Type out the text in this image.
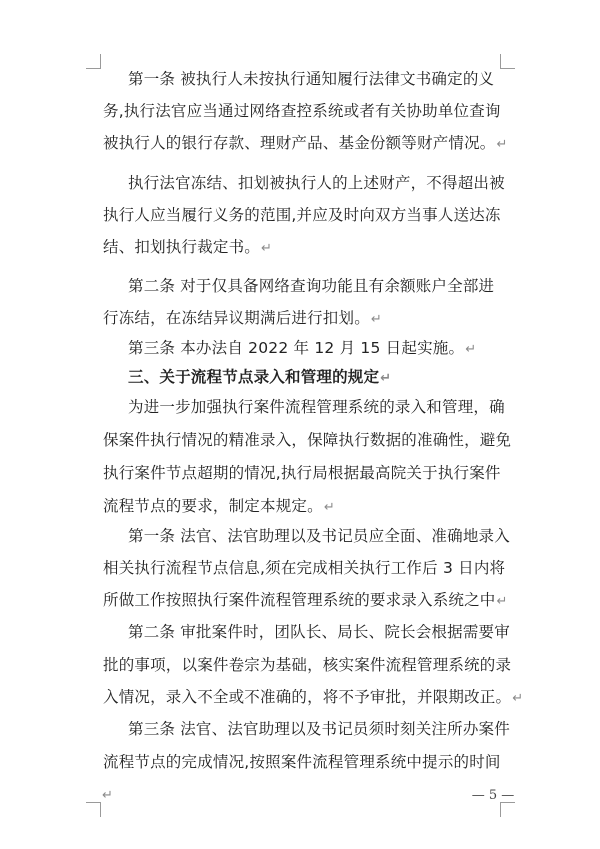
第一条 被执行人未按执行通知履行法律文书确定的义
务,执行法官应当通过网络查控系统或者有关协助单位查询
被执行人的银行存款、理财产品、基金份额等财产情况。↵
执行法官冻结、扣划被执行人的上述财产，不得超出被
执行人应当履行义务的范围,并应及时向双方当事人送达冻
结、扣划执行裁定书。↵
第二条 对于仅具备网络查询功能且有余额账户全部进
行冻结，在冻结异议期满后进行扣划。↵
第三条 本办法自 2022 年 12 月 15 日起实施。↵
三、关于流程节点录入和管理的规定↵
为进一步加强执行案件流程管理系统的录入和管理，确
保案件执行情况的精准录入，保障执行数据的准确性，避免
执行案件节点超期的情况,执行局根据最高院关于执行案件
流程节点的要求，制定本规定。↵
第一条 法官、法官助理以及书记员应全面、准确地录入
相关执行流程节点信息,须在完成相关执行工作后 3 日内将
所做工作按照执行案件流程管理系统的要求录入系统之中↵
第二条 审批案件时，团队长、局长、院长会根据需要审
批的事项，以案件卷宗为基础，核实案件流程管理系统的录
入情况，录入不全或不准确的，将不予审批，并限期改正。↵
第三条 法官、法官助理以及书记员须时刻关注所办案件
流程节点的完成情况,按照案件流程管理系统中提示的时间
↵	— 5 —
